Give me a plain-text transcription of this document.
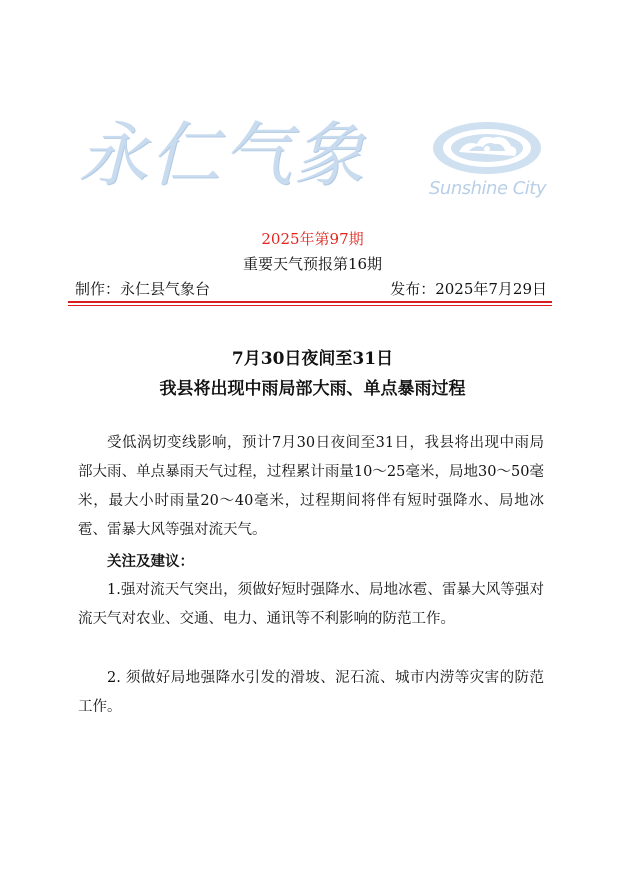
永仁气象	Sunshine City
2025年第97期
重要天气预报第16期
制作：永仁县气象台	发布：2025年7月29日
7月30日夜间至31日
我县将出现中雨局部大雨、单点暴雨过程

受低涡切变线影响，预计7月30日夜间至31日，我县将出现中雨局部大雨、单点暴雨天气过程，过程累计雨量10～25毫米，局地30～50毫米，最大小时雨量20～40毫米，过程期间将伴有短时强降水、局地冰雹、雷暴大风等强对流天气。

关注及建议：

1.强对流天气突出，须做好短时强降水、局地冰雹、雷暴大风等强对流天气对农业、交通、电力、通讯等不利影响的防范工作。

2. 须做好局地强降水引发的滑坡、泥石流、城市内涝等灾害的防范工作。
